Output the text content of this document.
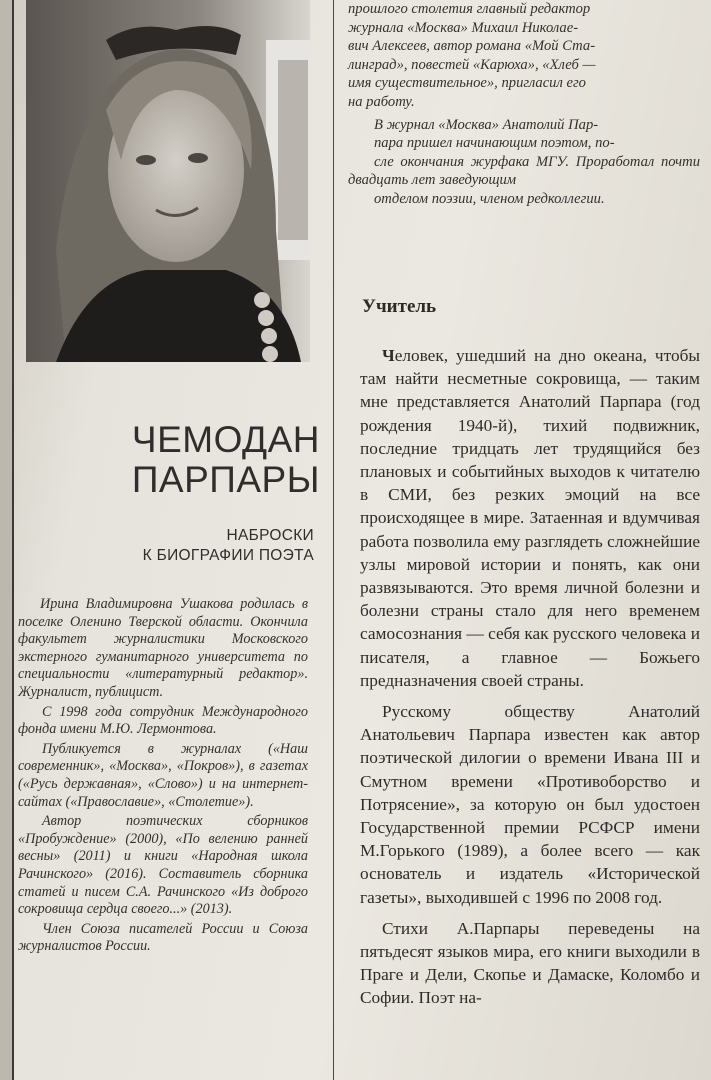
ЧЕМОДАН
ПАРПАРЫ
НАБРОСКИ
К БИОГРАФИИ ПОЭТА

Ирина Владимировна Ушакова родилась в поселке Оленино Тверской области. Окончила факультет журналистики Московского экстерного гуманитарного университета по специальности «литературный редактор». Журналист, публицист.

С 1998 года сотрудник Международного фонда имени М.Ю. Лермонтова.

Публикуется в журналах («Наш современник», «Москва», «Покров»), в газетах («Русь державная», «Слово») и на интернет-сайтах («Православие», «Столетие»).

Автор поэтических сборников «Пробуждение» (2000), «По велению ранней весны» (2011) и книги «Народная школа Рачинского» (2016). Составитель сборника статей и писем С.А. Рачинского «Из доброго сокровища сердца своего...» (2013).

Член Союза писателей России и Союза журналистов России.

прошлого столетия главный редактор
журнала «Москва» Михаил Николае-
вич Алексеев, автор романа «Мой Ста-
линград», повестей «Карюха», «Хлеб —
имя существительное», пригласил его
на работу.

В журнал «Москва» Анатолий Пар-
пара пришел начинающим поэтом, по-
сле окончания журфака МГУ. Проработал почти двадцать лет заведующим
отделом поэзии, членом редколлегии.

Учитель

Человек, ушедший на дно океана, чтобы там найти несметные сокровища, — таким мне представляется Анатолий Парпара (год рождения 1940-й), тихий подвижник, последние тридцать лет трудящийся без плановых и событийных выходов к читателю в СМИ, без резких эмоций на все происходящее в мире. Затаенная и вдумчивая работа позволила ему разглядеть сложнейшие узлы мировой истории и понять, как они развязываются. Это время личной болезни и болезни страны стало для него временем самосознания — себя как русского человека и писателя, а главное — Божьего предназначения своей страны.

Русскому обществу Анатолий Анатольевич Парпара известен как автор поэтической дилогии о времени Ивана III и Смутном времени «Противоборство и Потрясение», за которую он был удостоен Государственной премии РСФСР имени М.Горького (1989), а более всего — как основатель и издатель «Исторической газеты», выходившей с 1996 по 2008 год.

Стихи А.Парпары переведены на пятьдесят языков мира, его книги выходили в Праге и Дели, Скопье и Дамаске, Коломбо и Софии. Поэт на-
